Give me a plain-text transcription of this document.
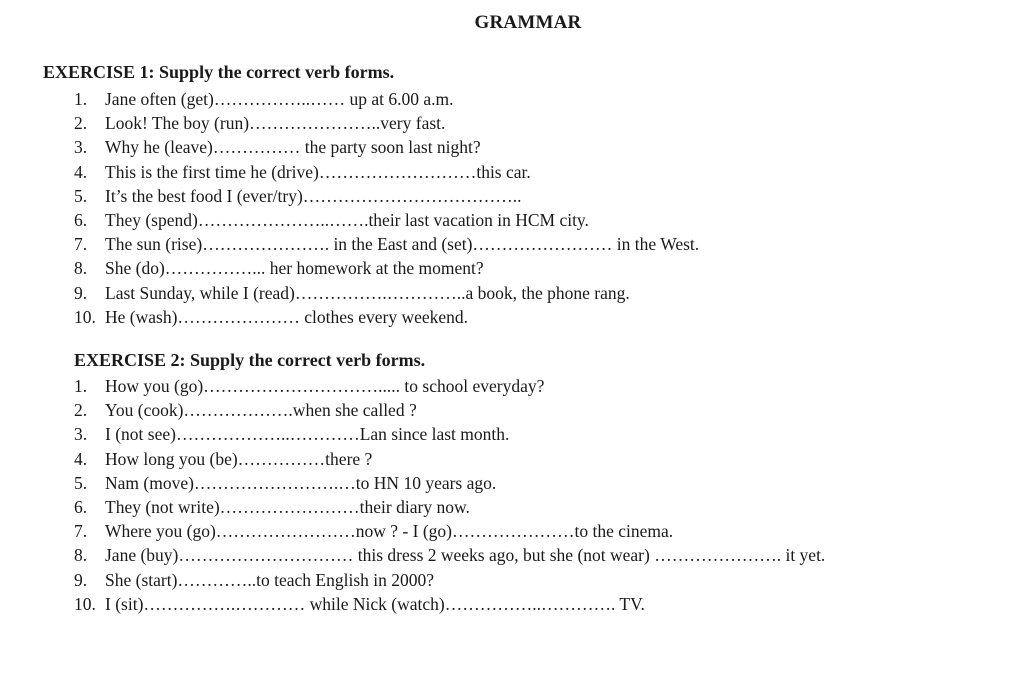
GRAMMAR
EXERCISE 1: Supply the correct verb forms.
1. Jane often (get)……………..…… up at 6.00 a.m.
2. Look! The boy (run)…………………..very fast.
3. Why he (leave)…………… the party soon last night?
4. This is the first time he (drive)………………………this car.
5. It’s the best food I (ever/try)………………………………..
6. They (spend)…………………..…….their last vacation in HCM city.
7. The sun (rise)…………………. in the East and (set)…………………… in the West.
8. She (do)……………... her homework at the moment?
9. Last Sunday, while I (read)…………….…………..a book, the phone rang.
10. He (wash)………………… clothes every weekend.
EXERCISE 2: Supply the correct verb forms.
1. How you (go)…………………………..... to school everyday?
2. You (cook)……………….when she called ?
3. I (not see)………………..…………Lan since last month.
4. How long you (be)……………there ?
5. Nam (move)…………………….…to HN 10 years ago.
6. They (not write)……………………their diary now.
7. Where you (go)……………………now ? - I (go)…………………to the cinema.
8. Jane (buy)………………………… this dress 2 weeks ago, but she (not wear) …………………. it yet.
9. She (start)…………..to teach English in 2000?
10. I (sit)…………….………… while Nick (watch)……………..…………. TV.
